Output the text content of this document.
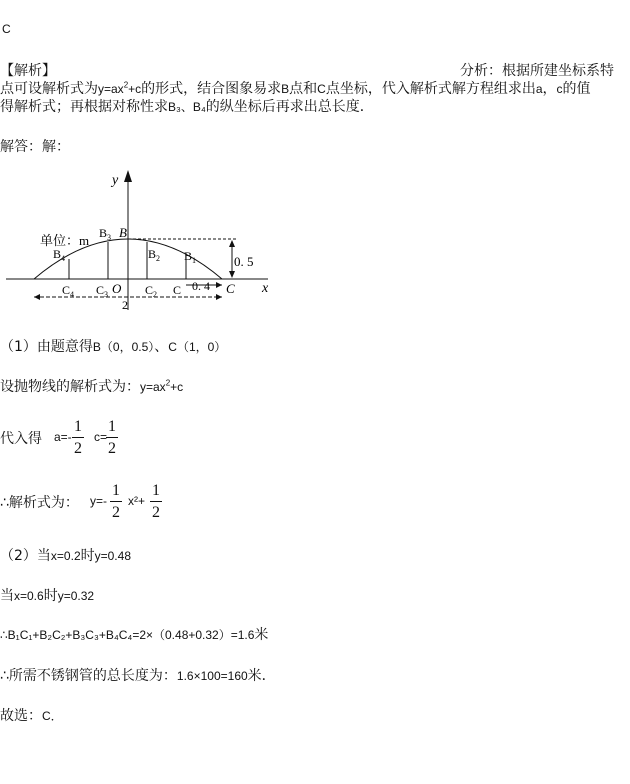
C
【解析】	分析：根据所建坐标系特
点可设解析式为$y=ax^2+c$的形式，结合图象易求B点和C点坐标，代入解析式解方程组求出a，c的值
得解析式；再根据对称性求B₃、B₄的纵坐标后再求出总长度．
解答：解：
y
x
0. 5
单位：m
B
$B_3$
$B_4$	$B_2$ $B_1$
$C_4$ $C_3$ O $C_2$ C	C
0. 4
2
（1）由题意得B（0，0.5）、C（1，0）
设抛物线的解析式为：$y=ax^2+c$
代入得 a=-
1
2
c=
1
2
∴解析式为： y=-
1
2
x²+
1
2
（2）当x=0.2时y=0.48
当x=0.6时y=0.32
∴B₁C₁+B₂C₂+B₃C₃+B₄C₄=2×（0.48+0.32）=1.6米
∴所需不锈钢管的总长度为：1.6×100=160米．
故选：C．
